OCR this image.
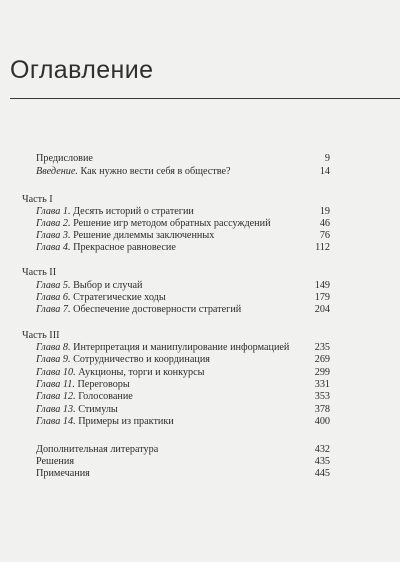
Оглавление
Предисловие	9
Введение. Как нужно вести себя в обществе?	14
Часть I
Глава 1. Десять историй о стратегии	19
Глава 2. Решение игр методом обратных рассуждений	46
Глава 3. Решение дилеммы заключенных	76
Глава 4. Прекрасное равновесие	112
Часть II
Глава 5. Выбор и случай	149
Глава 6. Стратегические ходы	179
Глава 7. Обеспечение достоверности стратегий	204
Часть III
Глава 8. Интерпретация и манипулирование информацией 235
Глава 9. Сотрудничество и координация	269
Глава 10. Аукционы, торги и конкурсы	299
Глава 11. Переговоры	331
Глава 12. Голосование	353
Глава 13. Стимулы	378
Глава 14. Примеры из практики	400
Дополнительная литература	432
Решения	435
Примечания	445
